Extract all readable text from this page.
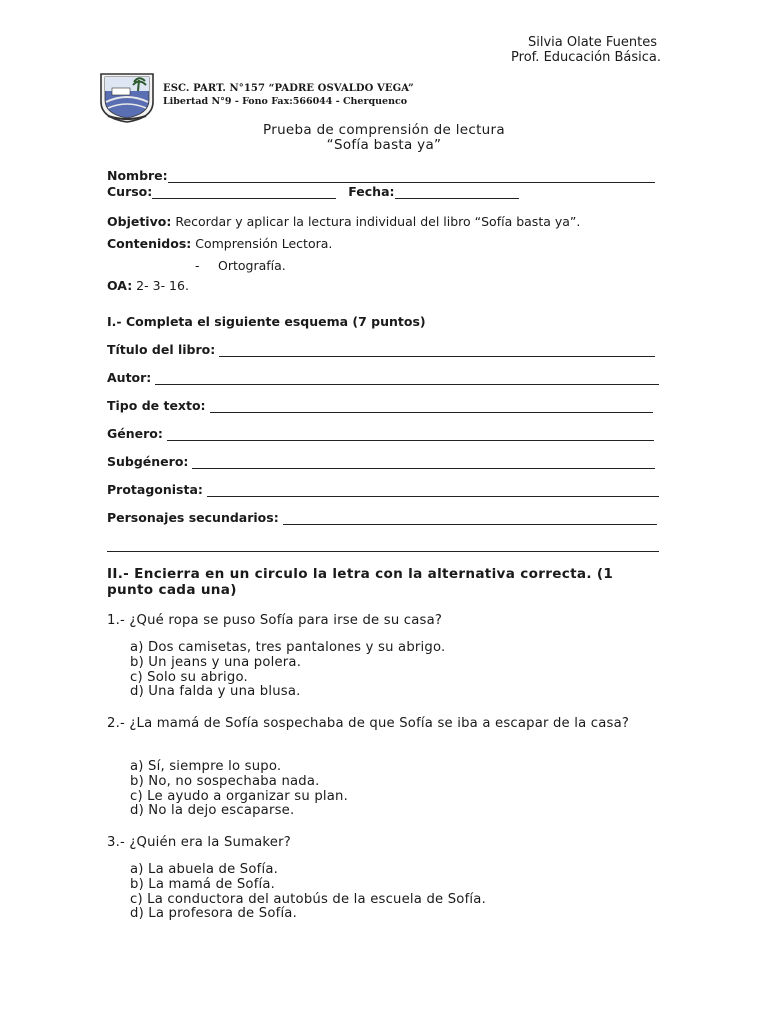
Silvia Olate Fuentes
Prof. Educación Básica.
ESC. PART. N°157 “PADRE OSVALDO VEGA”
Libertad N°9 - Fono Fax:566044 - Cherquenco
Prueba de comprensión de lectura
“Sofía basta ya”
Nombre:
Curso:	Fecha:
Objetivo: Recordar y aplicar la lectura individual del libro “Sofía basta ya”.
Contenidos: Comprensión Lectora.
- Ortografía.
OA: 2- 3- 16.
I.- Completa el siguiente esquema (7 puntos)
Título del libro:
Autor:
Tipo de texto:
Género:
Subgénero:
Protagonista:
Personajes secundarios:
II.- Encierra en un circulo la letra con la alternativa correcta. (1 punto cada una)
1.- ¿Qué ropa se puso Sofía para irse de su casa?
a) Dos camisetas, tres pantalones y su abrigo.
b) Un jeans y una polera.
c) Solo su abrigo.
d) Una falda y una blusa.
2.- ¿La mamá de Sofía sospechaba de que Sofía se iba a escapar de la casa?
a) Sí, siempre lo supo.
b) No, no sospechaba nada.
c) Le ayudo a organizar su plan.
d) No la dejo escaparse.
3.- ¿Quién era la Sumaker?
a) La abuela de Sofía.
b) La mamá de Sofía.
c) La conductora del autobús de la escuela de Sofía.
d) La profesora de Sofía.
